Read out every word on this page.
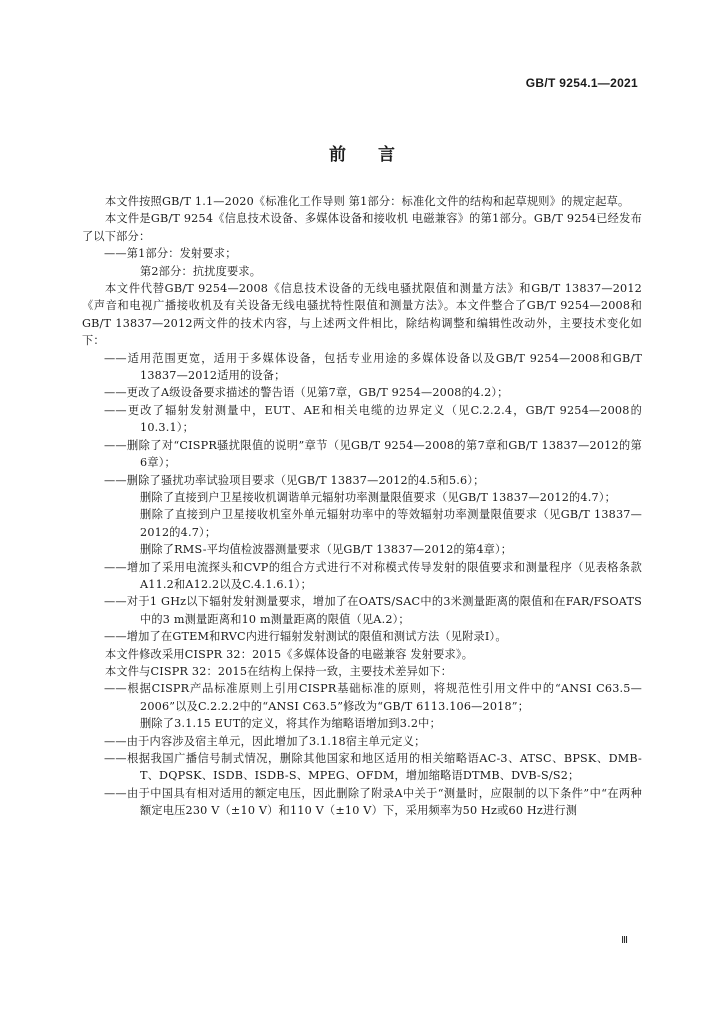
GB/T 9254.1—2021
前言

本文件按照GB/T 1.1—2020《标准化工作导则 第1部分：标准化文件的结构和起草规则》的规定起草。

本文件是GB/T 9254《信息技术设备、多媒体设备和接收机 电磁兼容》的第1部分。GB/T 9254已经发布了以下部分：

——第1部分：发射要求；

第2部分：抗扰度要求。

本文件代替GB/T 9254—2008《信息技术设备的无线电骚扰限值和测量方法》和GB/T 13837—2012《声音和电视广播接收机及有关设备无线电骚扰特性限值和测量方法》。本文件整合了GB/T 9254—2008和GB/T 13837—2012两文件的技术内容，与上述两文件相比，除结构调整和编辑性改动外，主要技术变化如下：

——适用范围更宽，适用于多媒体设备，包括专业用途的多媒体设备以及GB/T 9254—2008和GB/T 13837—2012适用的设备；

——更改了A级设备要求描述的警告语（见第7章，GB/T 9254—2008的4.2）；

——更改了辐射发射测量中，EUT、AE和相关电缆的边界定义（见C.2.2.4，GB/T 9254—2008的10.3.1）；

——删除了对“CISPR骚扰限值的说明”章节（见GB/T 9254—2008的第7章和GB/T 13837—2012的第6章）；

——删除了骚扰功率试验项目要求（见GB/T 13837—2012的4.5和5.6）；

删除了直接到户卫星接收机调谐单元辐射功率测量限值要求（见GB/T 13837—2012的4.7）；

删除了直接到户卫星接收机室外单元辐射功率中的等效辐射功率测量限值要求（见GB/T 13837—2012的4.7）；

删除了RMS-平均值检波器测量要求（见GB/T 13837—2012的第4章）；

——增加了采用电流探头和CVP的组合方式进行不对称模式传导发射的限值要求和测量程序（见表格条款A11.2和A12.2以及C.4.1.6.1）；

——对于1 GHz以下辐射发射测量要求，增加了在OATS/SAC中的3米测量距离的限值和在FAR/FSOATS中的3 m测量距离和10 m测量距离的限值（见A.2）；

——增加了在GTEM和RVC内进行辐射发射测试的限值和测试方法（见附录I）。

本文件修改采用CISPR 32：2015《多媒体设备的电磁兼容 发射要求》。

本文件与CISPR 32：2015在结构上保持一致，主要技术差异如下：

——根据CISPR产品标准原则上引用CISPR基础标准的原则，将规范性引用文件中的“ANSI C63.5—2006”以及C.2.2.2中的“ANSI C63.5”修改为“GB/T 6113.106—2018”；

删除了3.1.15 EUT的定义，将其作为缩略语增加到3.2中；

——由于内容涉及宿主单元，因此增加了3.1.18宿主单元定义；

——根据我国广播信号制式情况，删除其他国家和地区适用的相关缩略语AC-3、ATSC、BPSK、DMB-T、DQPSK、ISDB、ISDB-S、MPEG、OFDM，增加缩略语DTMB、DVB-S/S2；

——由于中国具有相对适用的额定电压，因此删除了附录A中关于“测量时，应限制的以下条件”中“在两种额定电压230 V（±10 V）和110 V（±10 V）下，采用频率为50 Hz或60 Hz进行测

Ⅲ
